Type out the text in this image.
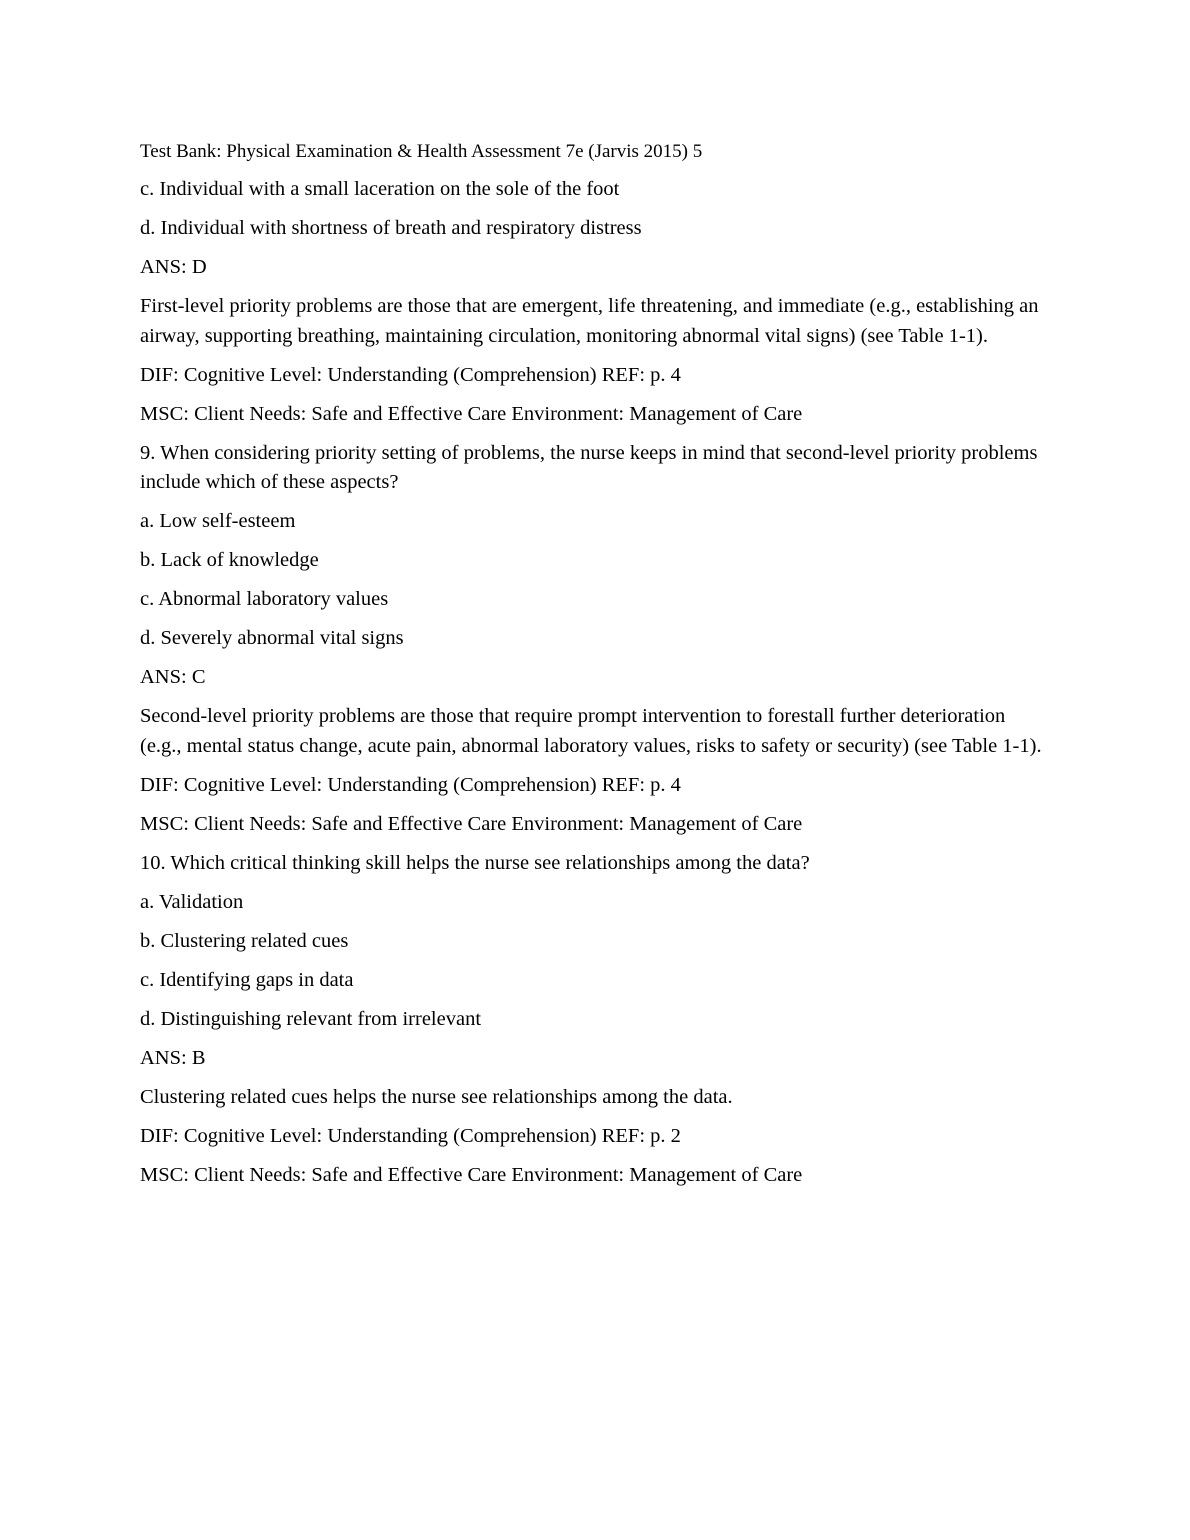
Test Bank: Physical Examination & Health Assessment 7e (Jarvis 2015) 5

c. Individual with a small laceration on the sole of the foot

d. Individual with shortness of breath and respiratory distress

ANS: D

First-level priority problems are those that are emergent, life threatening, and immediate (e.g., establishing an airway, supporting breathing, maintaining circulation, monitoring abnormal vital signs) (see Table 1-1).

DIF: Cognitive Level: Understanding (Comprehension) REF: p. 4

MSC: Client Needs: Safe and Effective Care Environment: Management of Care

9. When considering priority setting of problems, the nurse keeps in mind that second-level priority problems include which of these aspects?

a. Low self-esteem

b. Lack of knowledge

c. Abnormal laboratory values

d. Severely abnormal vital signs

ANS: C

Second-level priority problems are those that require prompt intervention to forestall further deterioration (e.g., mental status change, acute pain, abnormal laboratory values, risks to safety or security) (see Table 1-1).

DIF: Cognitive Level: Understanding (Comprehension) REF: p. 4

MSC: Client Needs: Safe and Effective Care Environment: Management of Care

10. Which critical thinking skill helps the nurse see relationships among the data?

a. Validation

b. Clustering related cues

c. Identifying gaps in data

d. Distinguishing relevant from irrelevant

ANS: B

Clustering related cues helps the nurse see relationships among the data.

DIF: Cognitive Level: Understanding (Comprehension) REF: p. 2

MSC: Client Needs: Safe and Effective Care Environment: Management of Care
